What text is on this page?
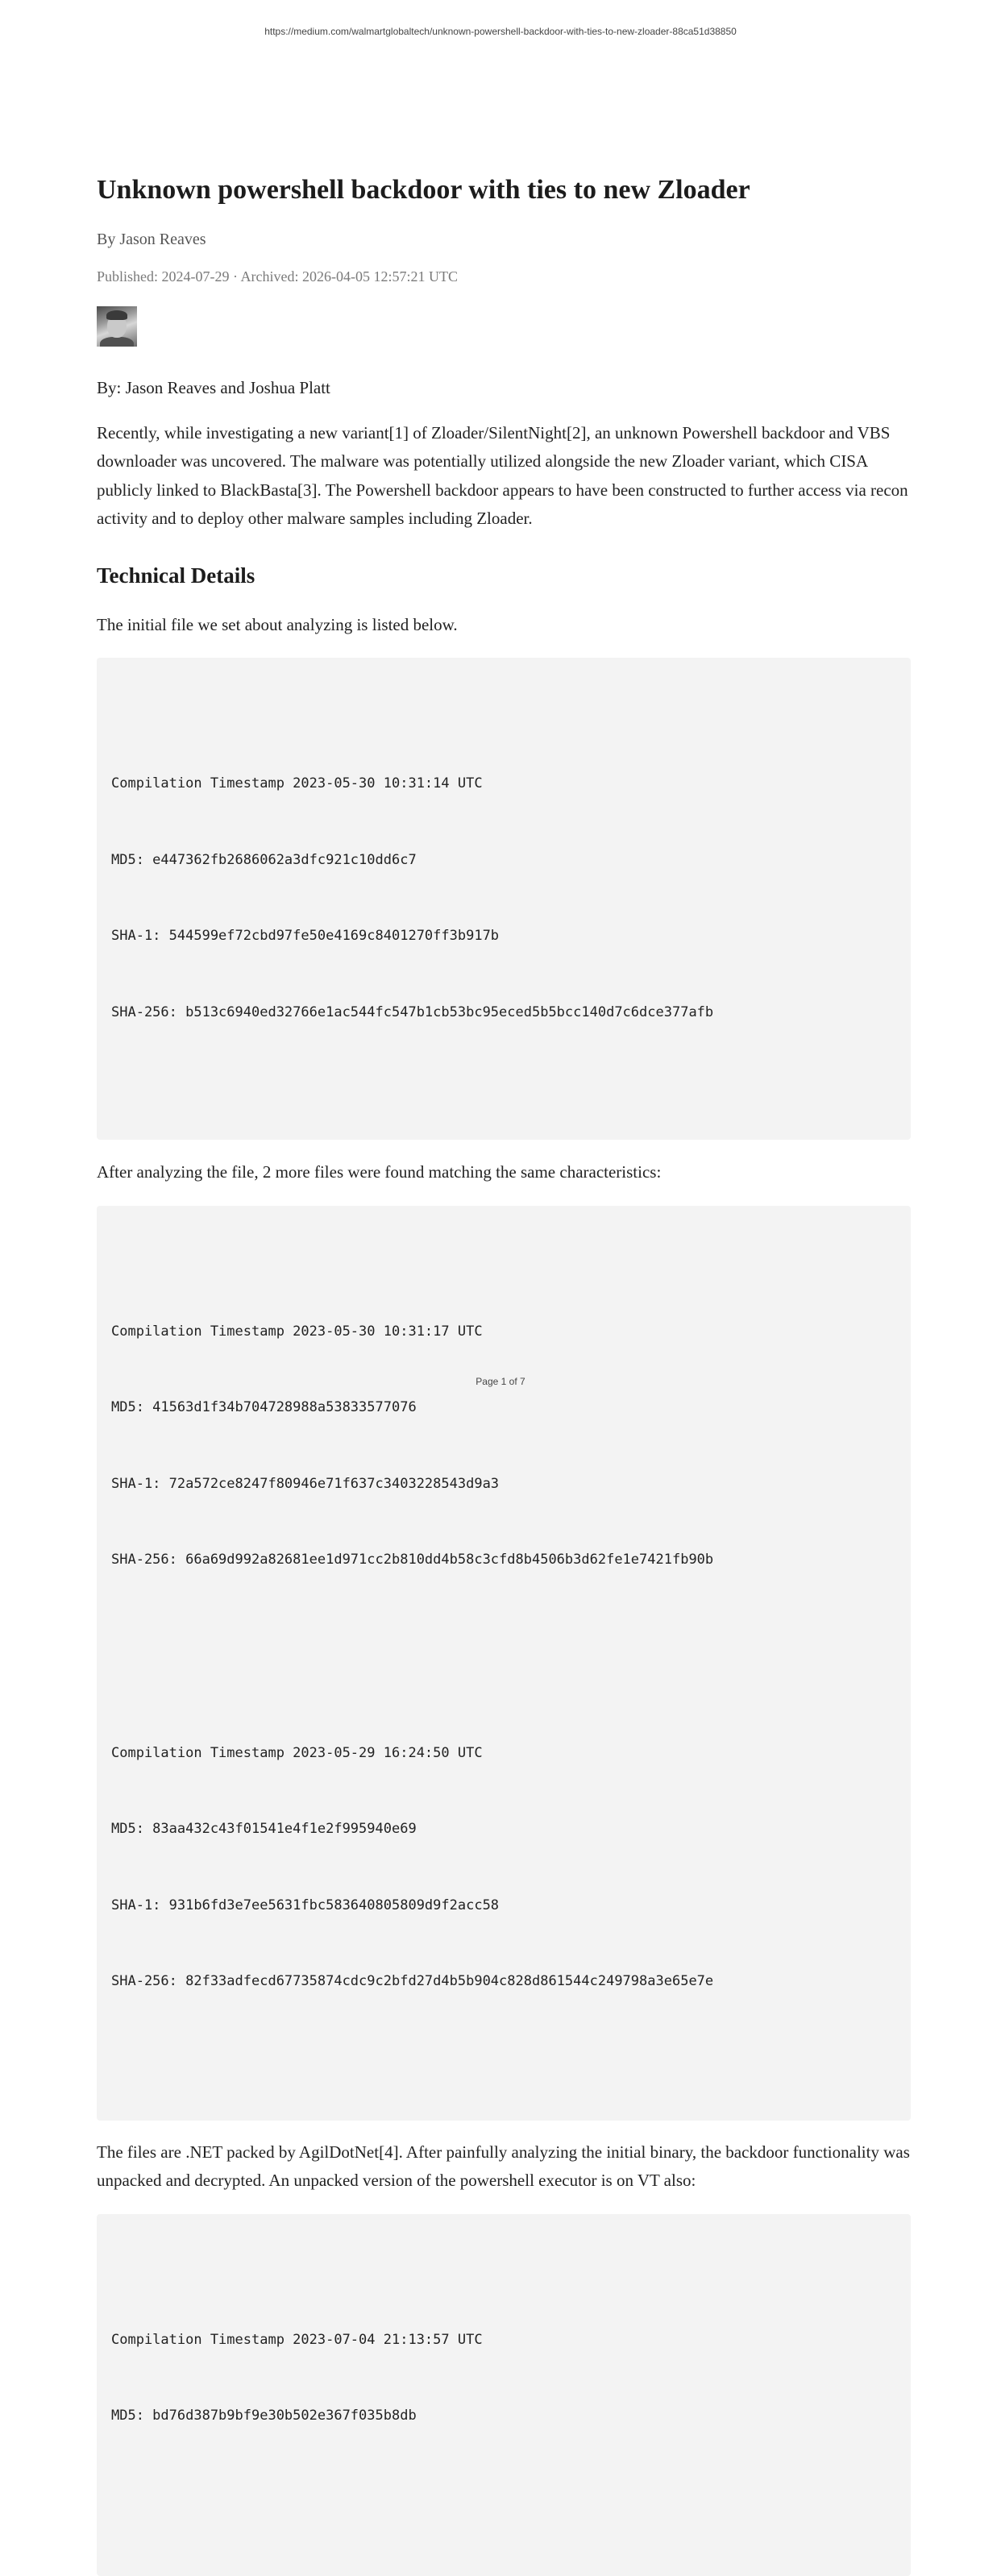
https://medium.com/walmartglobaltech/unknown-powershell-backdoor-with-ties-to-new-zloader-88ca51d38850
Unknown powershell backdoor with ties to new Zloader
By Jason Reaves
Published: 2024-07-29 · Archived: 2026-04-05 12:57:21 UTC

By: Jason Reaves and Joshua Platt

Recently, while investigating a new variant[1] of Zloader/SilentNight[2], an unknown Powershell backdoor and VBS downloader was uncovered. The malware was potentially utilized alongside the new Zloader variant, which CISA publicly linked to BlackBasta[3]. The Powershell backdoor appears to have been constructed to further access via recon activity and to deploy other malware samples including Zloader.

Technical Details

The initial file we set about analyzing is listed below.

Compilation Timestamp 2023-05-30 10:31:14 UTC

MD5: e447362fb2686062a3dfc921c10dd6c7

SHA-1: 544599ef72cbd97fe50e4169c8401270ff3b917b

SHA-256: b513c6940ed32766e1ac544fc547b1cb53bc95eced5b5bcc140d7c6dce377afb

After analyzing the file, 2 more files were found matching the same characteristics:

Compilation Timestamp 2023-05-30 10:31:17 UTC

MD5: 41563d1f34b704728988a53833577076

SHA-1: 72a572ce8247f80946e71f637c3403228543d9a3

SHA-256: 66a69d992a82681ee1d971cc2b810dd4b58c3cfd8b4506b3d62fe1e7421fb90b

Compilation Timestamp 2023-05-29 16:24:50 UTC

MD5: 83aa432c43f01541e4f1e2f995940e69

SHA-1: 931b6fd3e7ee5631fbc583640805809d9f2acc58

SHA-256: 82f33adfecd67735874cdc9c2bfd27d4b5b904c828d861544c249798a3e65e7e

The files are .NET packed by AgilDotNet[4]. After painfully analyzing the initial binary, the backdoor functionality was unpacked and decrypted. An unpacked version of the powershell executor is on VT also:

Compilation Timestamp 2023-07-04 21:13:57 UTC

MD5: bd76d387b9bf9e30b502e367f035b8db

Page 1 of 7
